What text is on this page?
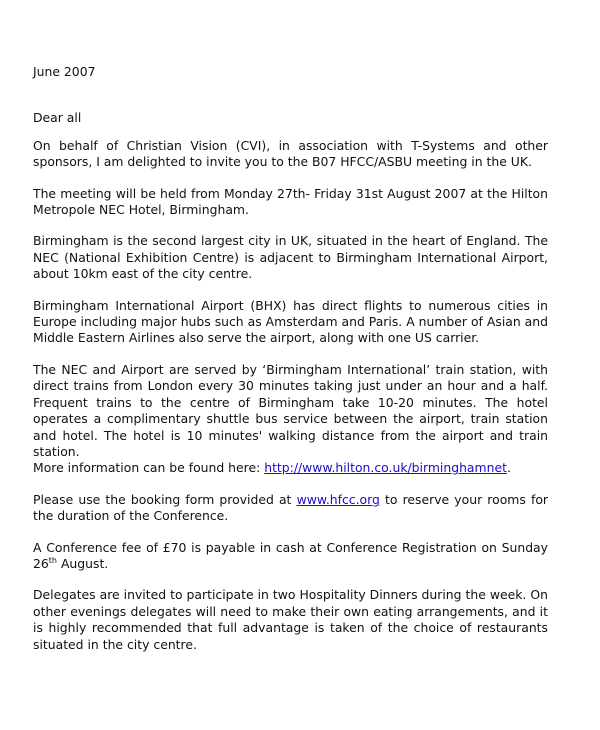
June 2007

Dear all

On behalf of Christian Vision (CVI), in association with T-Systems and other sponsors, I am delighted to invite you to the B07 HFCC/ASBU meeting in the UK.

The meeting will be held from Monday 27th- Friday 31st August 2007 at the Hilton Metropole NEC Hotel, Birmingham.

Birmingham is the second largest city in UK, situated in the heart of England. The NEC (National Exhibition Centre) is adjacent to Birmingham International Airport, about 10km east of the city centre.

Birmingham International Airport (BHX) has direct flights to numerous cities in Europe including major hubs such as Amsterdam and Paris. A number of Asian and Middle Eastern Airlines also serve the airport, along with one US carrier.

The NEC and Airport are served by ‘Birmingham International’ train station, with direct trains from London every 30 minutes taking just under an hour and a half. Frequent trains to the centre of Birmingham take 10-20 minutes. The hotel operates a complimentary shuttle bus service between the airport, train station and hotel. The hotel is 10 minutes' walking distance from the airport and train station.

More information can be found here: http://www.hilton.co.uk/birminghamnet.

Please use the booking form provided at www.hfcc.org to reserve your rooms for the duration of the Conference.

A Conference fee of £70 is payable in cash at Conference Registration on Sunday 26th August.

Delegates are invited to participate in two Hospitality Dinners during the week. On other evenings delegates will need to make their own eating arrangements, and it is highly recommended that full advantage is taken of the choice of restaurants situated in the city centre.
